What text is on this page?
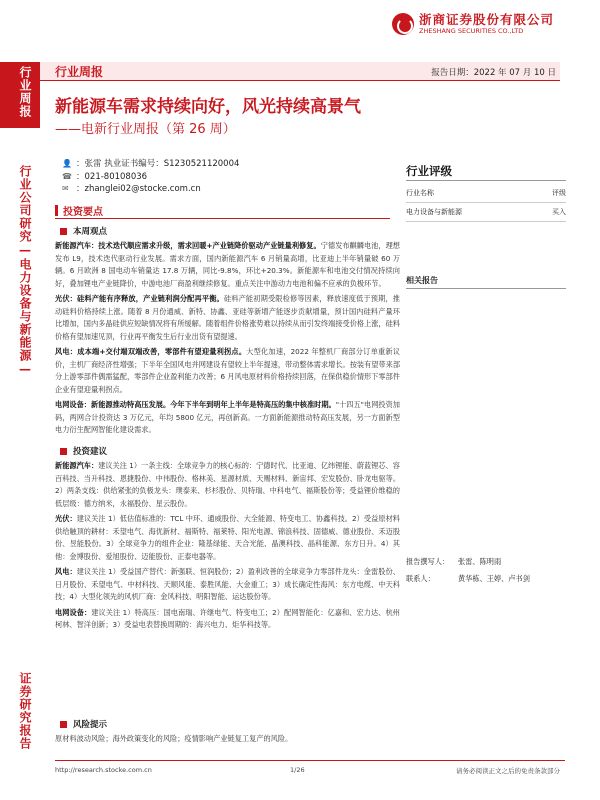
浙商证券股份有限公司
ZHESHANG SECURITIES CO.,LTD
行业周报	报告日期：2022 年 07 月 10 日
新能源车需求持续向好，风光持续高景气
——电新行业周报（第 26 周）
行业周报
行业公司研究—电力设备与新能源—
证券研究报告
👤 ：张雷 执业证书编号：S1230521120004
☎ ：021-80108036
✉ ：zhanglei02@stocke.com.cn
投资要点
本周观点

新能源汽车：技术迭代顺应需求升级，需求回暖+产业链降价驱动产业链量利修复。宁德发布麒麟电池，理想发布 L9，技术迭代驱动行业发展。需求方面，国内新能源汽车 6 月销量高增，比亚迪上半年销量破 60 万辆。6 月欧洲 8 国电动车销量达 17.8 万辆，同比-9.8%，环比+20.3%。新能源车和电池交付情况持续向好，叠加锂电产业链降价，中游电池厂商盈利继续修复。重点关注中游动力电池和偏不应承的负极环节。

光伏：硅料产能有序释放，产业链利润分配再平衡。硅料产能初期受限检修等因素，释放速度低于预期，推动硅料价格持续上涨。随着 8 月份通威、新特、协鑫、亚硅等新增产能逐步贡献增量，预计国内硅料产量环比增加，国内多晶硅供应短缺情况将有所缓解。随着组件价格涨势难以持续从而引发终端接受价格上涨，硅料价格有望加速见顶，行业再平衡发生后行业出货有望提速。

风电：成本端+交付端双端改善，零部件有望迎量利拐点。大型化加速，2022 年整机厂商部分订单重新议价，主机厂商经济性增强；下半年全国风电并网建设有望较上半年提速，带动整体需求增长。按装有望带来部分上游零部件偶需猛配，零部件企业盈利能力改善；6 月风电原材料价格持续回落，在保供稳价情形下零部件企业有望迎量利拐点。

电网设备：新能源推动特高压发展。今年下半年到明年上半年是特高压的集中核准时期。"十四五"电网投资加码，两网合计投资达 3 万亿元，年均 5800 亿元，再创新高。一方面新能源推动特高压发展，另一方面新型电力衍生配网智能化建设需求。

投资建议

新能源汽车：建议关注 1）一条主线：全球竞争力的核心标的：宁德时代、比亚迪、亿纬锂能、蔚蓝锂芯、容百科技、当升科技、恩捷股份、中伟股份、格林美、星源材质、天赐材料、新宙邦、宏发股份、卧龙电驱等。2）两条支线：供给紧张的负极龙头：璞泰来、杉杉股份、贝特瑞、中科电气、福斯股份等；受益锂价维稳的低层级：德方纳米，永福股份、星云股份。

光伏：建议关注 1）低估值标准的：TCL 中环、通威股份、大全能源、特变电工、协鑫科技。2）受益原材料供给触顶的耕材：禾望电气、海优新材、福斯特、福莱特、阳光电源、锦浪科技、固德威、德业股份、禾迈股份、昱能股份。3）全球竞争力的组件企业：隆基绿能、天合光能、晶澳科技、晶科能源、东方日升。4）其他：金博股份、爱旭股份、迈能股份、正泰电器等。

风电：建议关注 1）受益国产替代：新强联、恒润股份；2）盈利改善的全球竞争力零部件龙头：金雷股份、日月股份、禾望电气、中材科技、天顺风能、泰胜风能、大金重工；3）成长确定性海风：东方电缆、中天科技；4）大型化领先的风机厂商：金风科技、明阳智能、运达股份等。

电网设备：建议关注 1）特高压：国电南瑞、许继电气、特变电工；2）配网智能化：亿嘉和、宏力达、杭州柯林、智洋创新；3）受益电表替换周期的：海兴电力、炬华科技等。

风险提示
原材料波动风险；海外政策变化的风险；疫情影响产业链复工复产的风险。
行业评级
行业名称	评级
电力设备与新能源	买入
相关报告
报告撰写人： 张雷、陈明雨
联系人：	黄华栋、王婷、卢书剑
http://research.stocke.com.cn	1/26	请务必阅读正文之后的免责条款部分
